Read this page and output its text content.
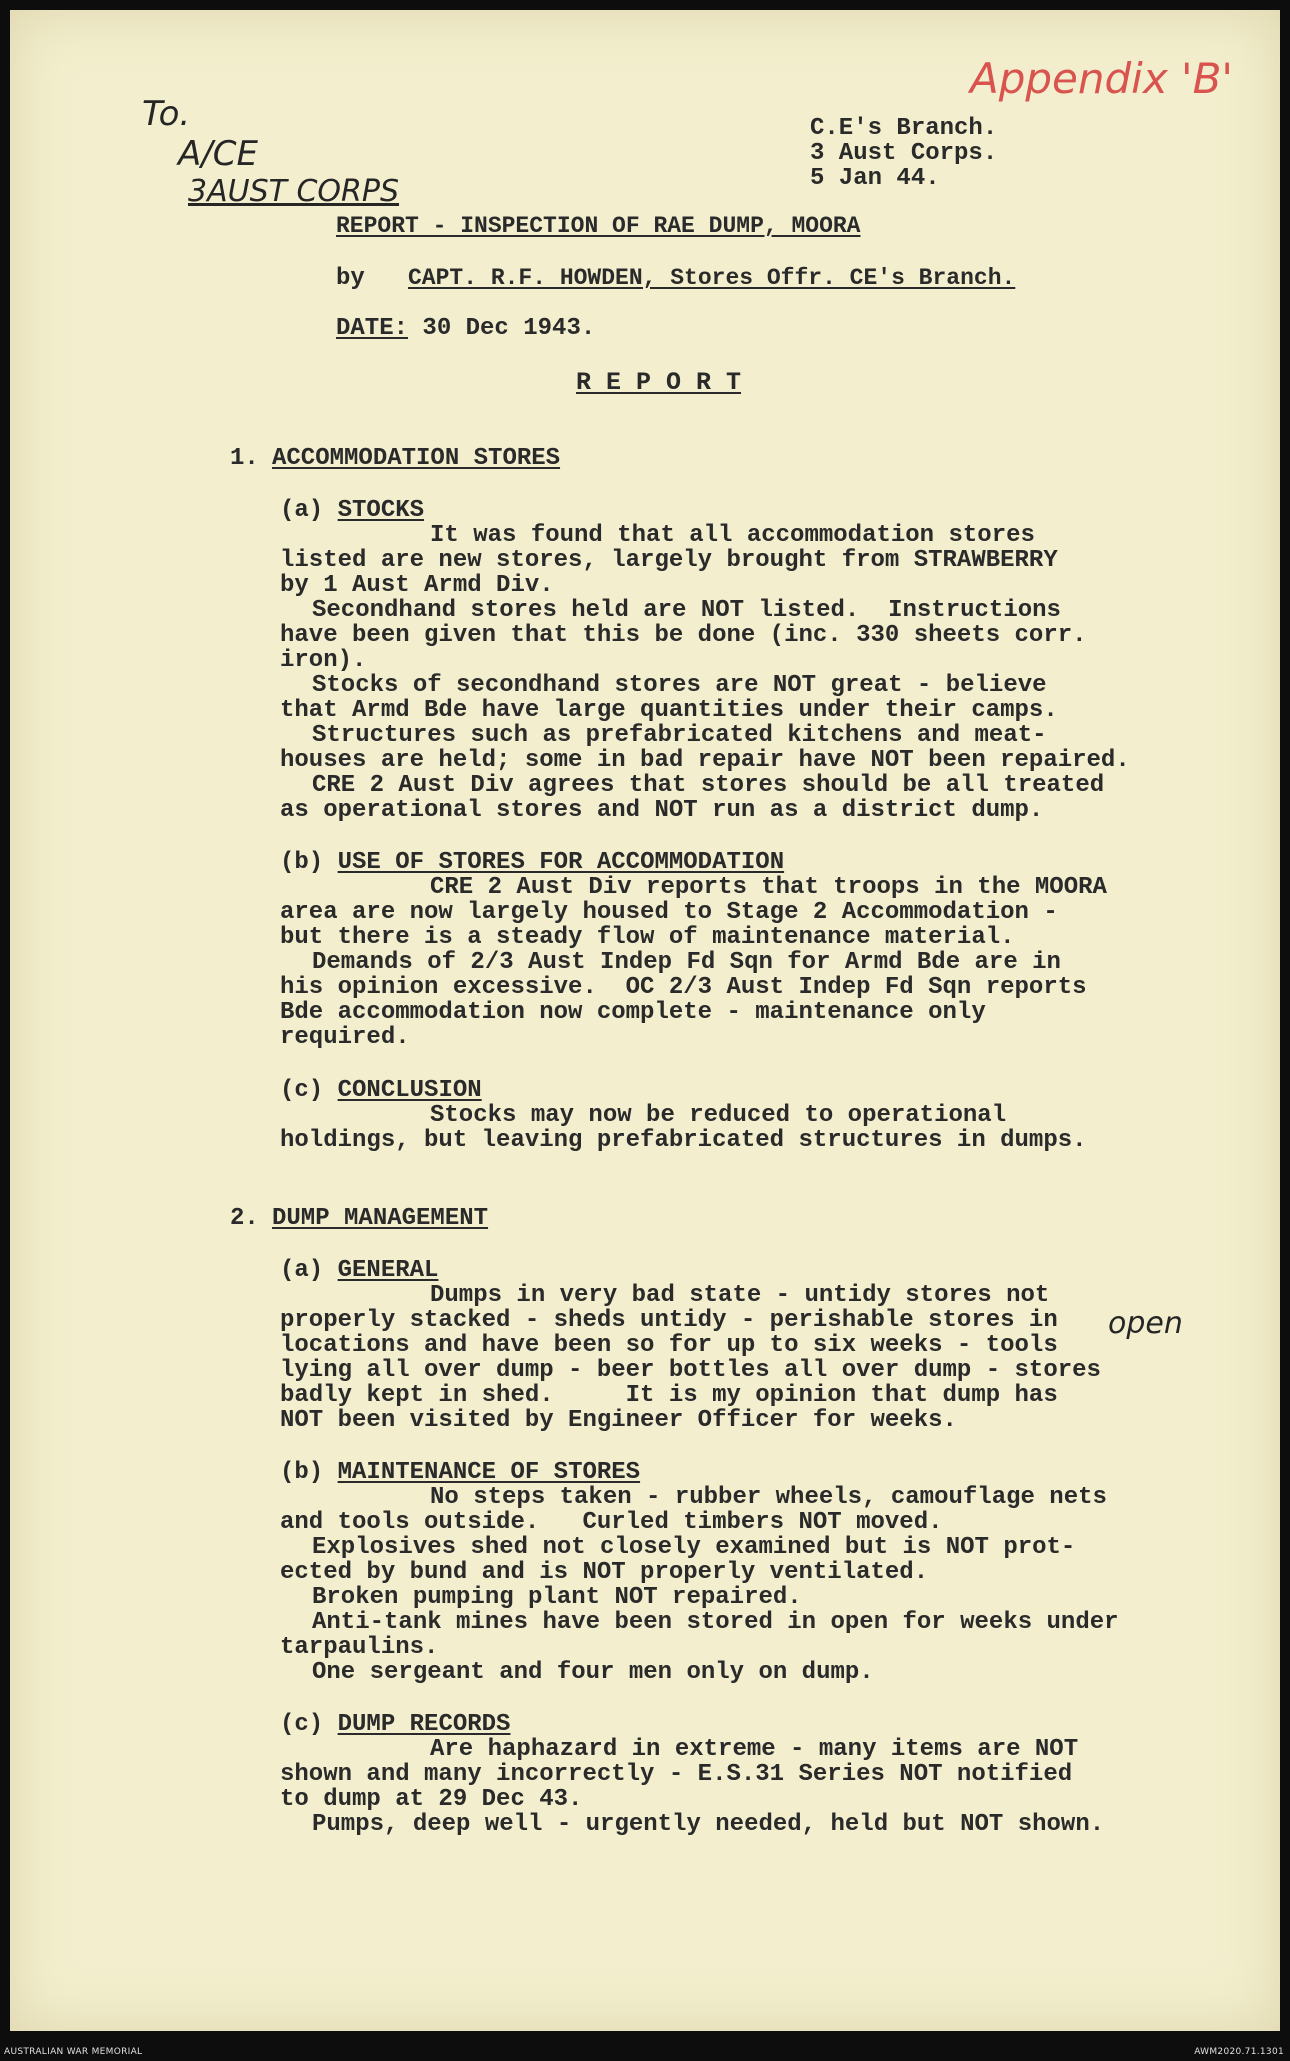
To.
A/CE
3AUST CORPS
Appendix 'B'
open
C.E's Branch.
3 Aust Corps.
5 Jan 44.
REPORT - INSPECTION OF RAE DUMP, MOORA
by CAPT. R.F. HOWDEN, Stores Offr. CE's Branch.
DATE: 30 Dec 1943.
R E P O R T
1. ACCOMMODATION STORES
(a) STOCKS
It was found that all accommodation stores
listed are new stores, largely brought from STRAWBERRY
by 1 Aust Armd Div.
Secondhand stores held are NOT listed.  Instructions
have been given that this be done (inc. 330 sheets corr.
iron).
Stocks of secondhand stores are NOT great - believe
that Armd Bde have large quantities under their camps.
Structures such as prefabricated kitchens and meat-
houses are held; some in bad repair have NOT been repaired.
CRE 2 Aust Div agrees that stores should be all treated
as operational stores and NOT run as a district dump.
(b) USE OF STORES FOR ACCOMMODATION
CRE 2 Aust Div reports that troops in the MOORA
area are now largely housed to Stage 2 Accommodation -
but there is a steady flow of maintenance material.
Demands of 2/3 Aust Indep Fd Sqn for Armd Bde are in
his opinion excessive.  OC 2/3 Aust Indep Fd Sqn reports
Bde accommodation now complete - maintenance only
required.
(c) CONCLUSION
Stocks may now be reduced to operational
holdings, but leaving prefabricated structures in dumps.
2. DUMP MANAGEMENT
(a) GENERAL
Dumps in very bad state - untidy stores not
properly stacked - sheds untidy - perishable stores in
locations and have been so for up to six weeks - tools
lying all over dump - beer bottles all over dump - stores
badly kept in shed.     It is my opinion that dump has
NOT been visited by Engineer Officer for weeks.
(b) MAINTENANCE OF STORES
No steps taken - rubber wheels, camouflage nets
and tools outside.   Curled timbers NOT moved.
Explosives shed not closely examined but is NOT prot-
ected by bund and is NOT properly ventilated.
Broken pumping plant NOT repaired.
Anti-tank mines have been stored in open for weeks under
tarpaulins.
One sergeant and four men only on dump.
(c) DUMP RECORDS
Are haphazard in extreme - many items are NOT
shown and many incorrectly - E.S.31 Series NOT notified
to dump at 29 Dec 43.
Pumps, deep well - urgently needed, held but NOT shown.
AUSTRALIAN WAR MEMORIAL	AWM2020.71.1301
